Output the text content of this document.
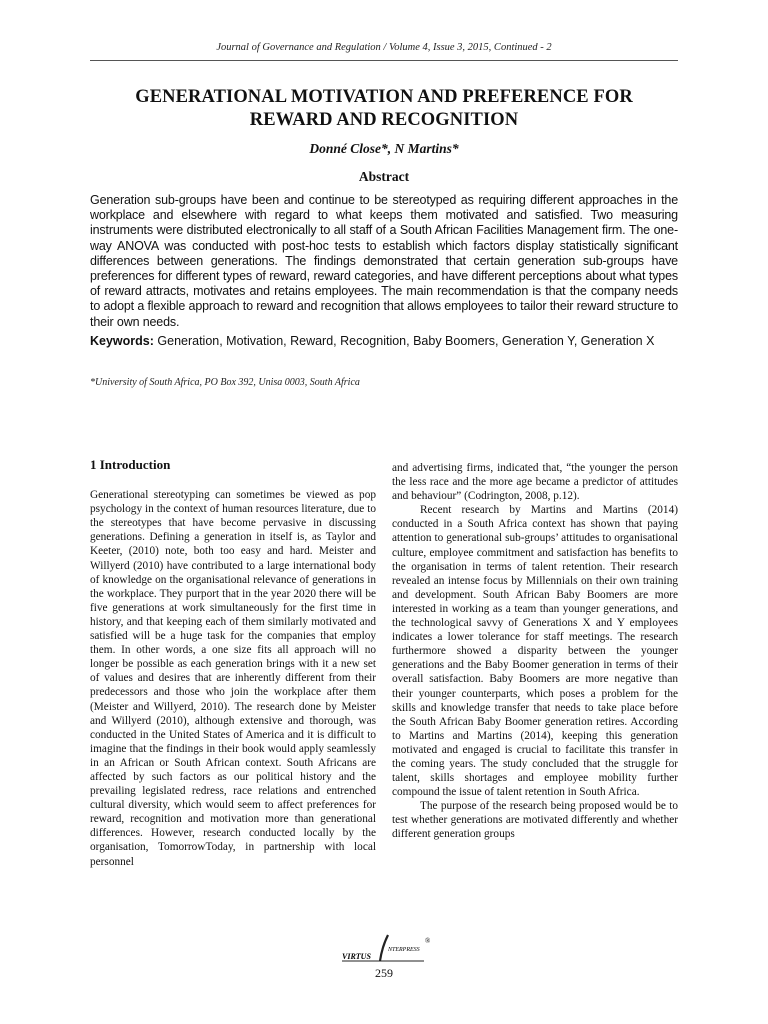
Journal of Governance and Regulation / Volume 4, Issue 3, 2015, Continued - 2
GENERATIONAL MOTIVATION AND PREFERENCE FOR
REWARD AND RECOGNITION
Donné Close*, N Martins*
Abstract

Generation sub-groups have been and continue to be stereotyped as requiring different approaches in the workplace and elsewhere with regard to what keeps them motivated and satisfied. Two measuring instruments were distributed electronically to all staff of a South African Facilities Management firm. The one-way ANOVA was conducted with post-hoc tests to establish which factors display statistically significant differences between generations. The findings demonstrated that certain generation sub-groups have preferences for different types of reward, reward categories, and have different perceptions about what types of reward attracts, motivates and retains employees. The main recommendation is that the company needs to adopt a flexible approach to reward and recognition that allows employees to tailor their reward structure to their own needs.

Keywords: Generation, Motivation, Reward, Recognition, Baby Boomers, Generation Y, Generation X

*University of South Africa, PO Box 392, Unisa 0003, South Africa
1 Introduction

Generational stereotyping can sometimes be viewed as pop psychology in the context of human resources literature, due to the stereotypes that have become pervasive in discussing generations. Defining a generation in itself is, as Taylor and Keeter, (2010) note, both too easy and hard. Meister and Willyerd (2010) have contributed to a large international body of knowledge on the organisational relevance of generations in the workplace. They purport that in the year 2020 there will be five generations at work simultaneously for the first time in history, and that keeping each of them similarly motivated and satisfied will be a huge task for the companies that employ them. In other words, a one size fits all approach will no longer be possible as each generation brings with it a new set of values and desires that are inherently different from their predecessors and those who join the workplace after them (Meister and Willyerd, 2010). The research done by Meister and Willyerd (2010), although extensive and thorough, was conducted in the United States of America and it is difficult to imagine that the findings in their book would apply seamlessly in an African or South African context. South Africans are affected by such factors as our political history and the prevailing legislated redress, race relations and entrenched cultural diversity, which would seem to affect preferences for reward, recognition and motivation more than generational differences. However, research conducted locally by the organisation, TomorrowToday, in partnership with local personnel

and advertising firms, indicated that, “the younger the person the less race and the more age became a predictor of attitudes and behaviour” (Codrington, 2008, p.12).

Recent research by Martins and Martins (2014) conducted in a South Africa context has shown that paying attention to generational sub-groups’ attitudes to organisational culture, employee commitment and satisfaction has benefits to the organisation in terms of talent retention. Their research revealed an intense focus by Millennials on their own training and development. South African Baby Boomers are more interested in working as a team than younger generations, and the technological savvy of Generations X and Y employees indicates a lower tolerance for staff meetings. The research furthermore showed a disparity between the younger generations and the Baby Boomer generation in terms of their overall satisfaction. Baby Boomers are more negative than their younger counterparts, which poses a problem for the skills and knowledge transfer that needs to take place before the South African Baby Boomer generation retires. According to Martins and Martins (2014), keeping this generation motivated and engaged is crucial to facilitate this transfer in the coming years. The study concluded that the struggle for talent, skills shortages and employee mobility further compound the issue of talent retention in South Africa.

The purpose of the research being proposed would be to test whether generations are motivated differently and whether different generation groups

VIRTUS
NTERPRESS
®
259
